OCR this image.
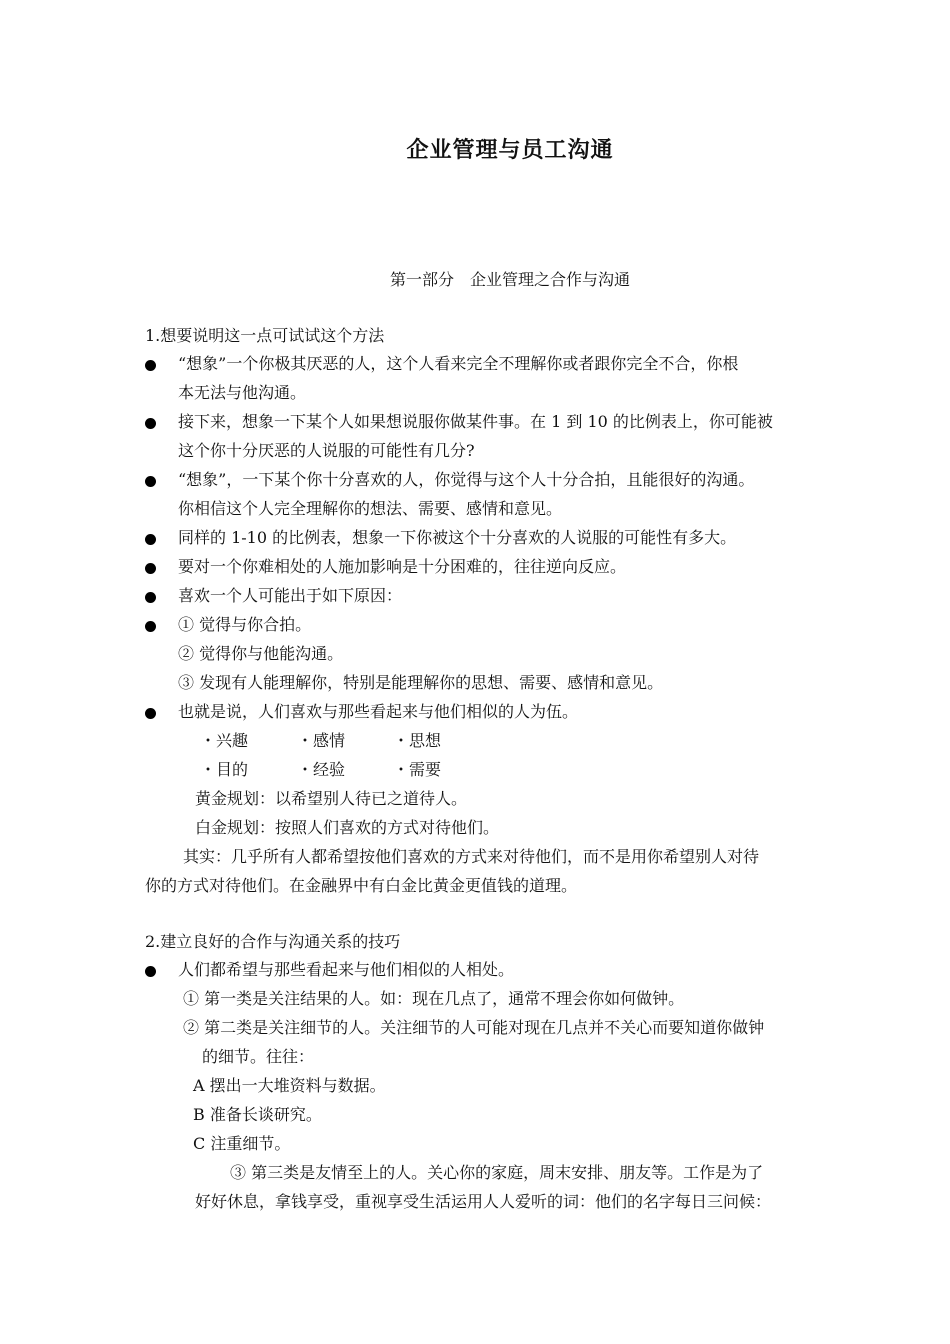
企业管理与员工沟通
第一部分　企业管理之合作与沟通
1.想要说明这一点可试试这个方法
“想象”一个你极其厌恶的人，这个人看来完全不理解你或者跟你完全不合，你根
本无法与他沟通。
接下来，想象一下某个人如果想说服你做某件事。在 1 到 10 的比例表上，你可能被
这个你十分厌恶的人说服的可能性有几分?
“想象”，一下某个你十分喜欢的人，你觉得与这个人十分合拍，且能很好的沟通。
你相信这个人完全理解你的想法、需要、感情和意见。
同样的 1-10 的比例表，想象一下你被这个十分喜欢的人说服的可能性有多大。
要对一个你难相处的人施加影响是十分困难的，往往逆向反应。
喜欢一个人可能出于如下原因：
① 觉得与你合拍。
② 觉得你与他能沟通。
③ 发现有人能理解你，特别是能理解你的思想、需要、感情和意见。
也就是说，人们喜欢与那些看起来与他们相似的人为伍。
・兴趣	・感情	・思想
・目的	・经验	・需要
黄金规划：以希望别人待已之道待人。
白金规划：按照人们喜欢的方式对待他们。
其实：几乎所有人都希望按他们喜欢的方式来对待他们，而不是用你希望别人对待
你的方式对待他们。在金融界中有白金比黄金更值钱的道理。
2.建立良好的合作与沟通关系的技巧
人们都希望与那些看起来与他们相似的人相处。
① 第一类是关注结果的人。如：现在几点了，通常不理会你如何做钟。
② 第二类是关注细节的人。关注细节的人可能对现在几点并不关心而要知道你做钟
的细节。往往：
A 摆出一大堆资料与数据。
B 准备长谈研究。
C 注重细节。
③ 第三类是友情至上的人。关心你的家庭，周末安排、朋友等。工作是为了
好好休息，拿钱享受，重视享受生活运用人人爱听的词：他们的名字每日三问候：
